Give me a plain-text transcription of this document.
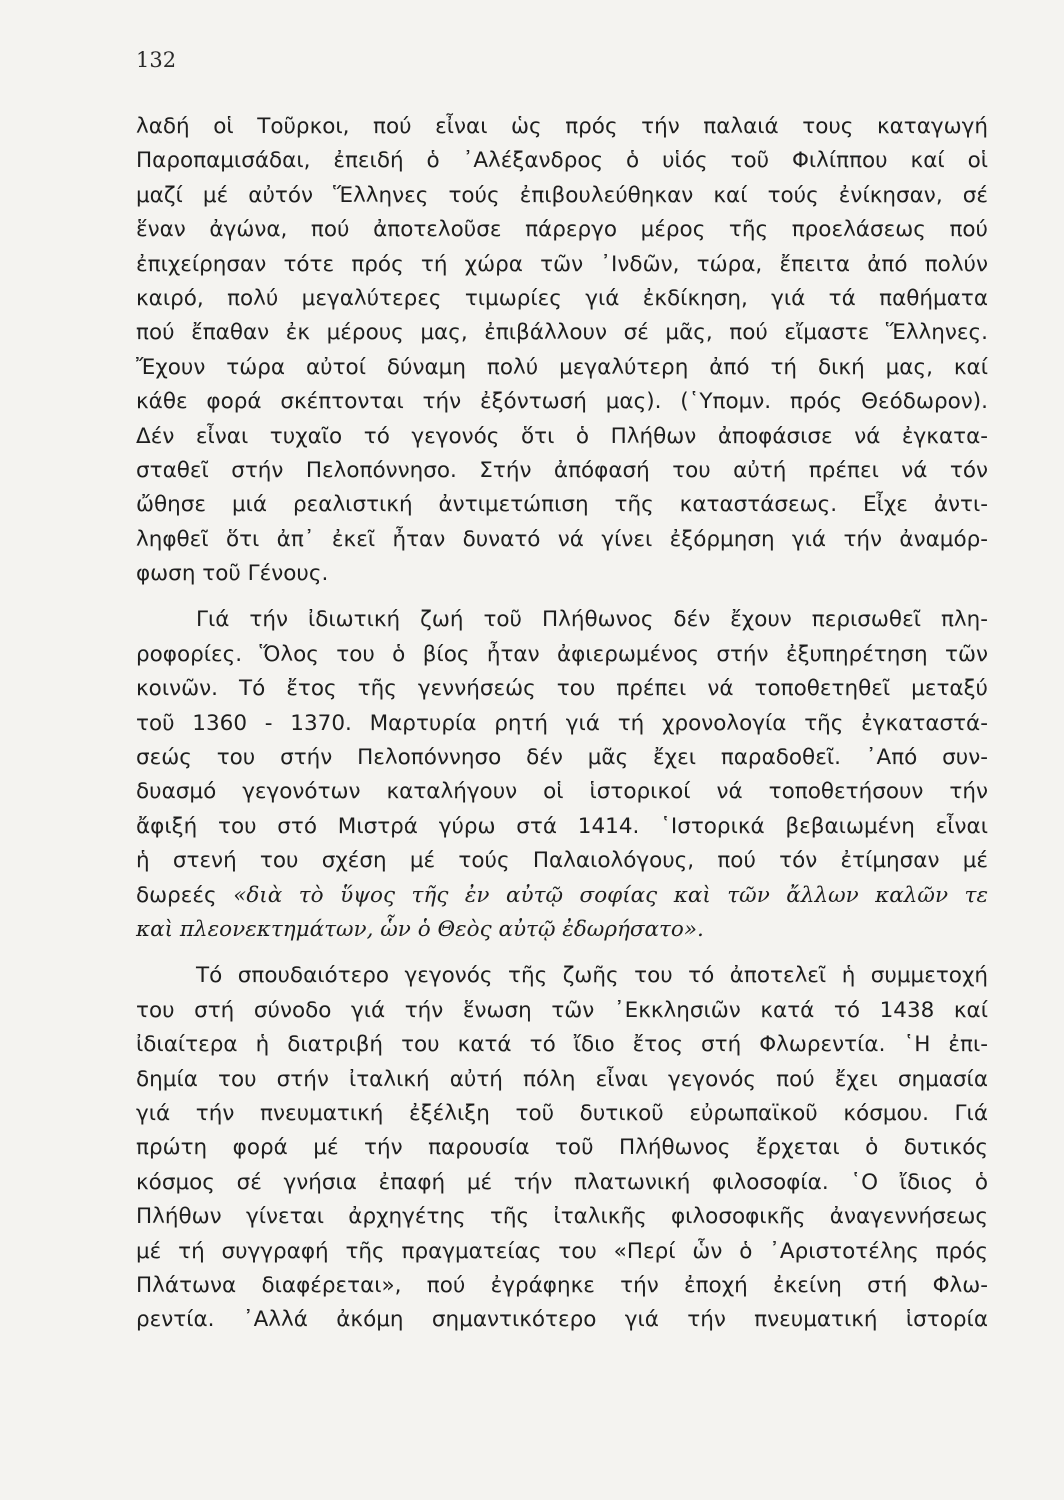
132
λαδή οἱ Τοῦρκοι, πού εἶναι ὡς πρός τήν παλαιά τους καταγωγή
Παροπαμισάδαι, ἐπειδή ὁ ᾿Αλέξανδρος ὁ υἱός τοῦ Φιλίππου καί οἱ
μαζί μέ αὐτόν Ἕλληνες τούς ἐπιβουλεύθηκαν καί τούς ἐνίκησαν, σέ
ἕναν ἀγώνα, πού ἀποτελοῦσε πάρεργο μέρος τῆς προελάσεως πού
ἐπιχείρησαν τότε πρός τή χώρα τῶν ᾿Ινδῶν, τώρα, ἔπειτα ἀπό πολύν
καιρό, πολύ μεγαλύτερες τιμωρίες γιά ἐκδίκηση, γιά τά παθήματα
πού ἔπαθαν ἐκ μέρους μας, ἐπιβάλλουν σέ μᾶς, πού εἴμαστε Ἕλληνες.
Ἔχουν τώρα αὐτοί δύναμη πολύ μεγαλύτερη ἀπό τή δική μας, καί
κάθε φορά σκέπτονται τήν ἐξόντωσή μας). (῾Υπομν. πρός Θεόδωρον).
Δέν εἶναι τυχαῖο τό γεγονός ὅτι ὁ Πλήθων ἀποφάσισε νά ἐγκατα-
σταθεῖ στήν Πελοπόννησο. Στήν ἀπόφασή του αὐτή πρέπει νά τόν
ὤθησε μιά ρεαλιστική ἀντιμετώπιση τῆς καταστάσεως. Εἶχε ἀντι-
ληφθεῖ ὅτι ἀπ᾿ ἐκεῖ ἦταν δυνατό νά γίνει ἐξόρμηση γιά τήν ἀναμόρ-
φωση τοῦ Γένους.
Γιά τήν ἰδιωτική ζωή τοῦ Πλήθωνος δέν ἔχουν περισωθεῖ πλη-
ροφορίες. Ὅλος του ὁ βίος ἦταν ἀφιερωμένος στήν ἐξυπηρέτηση τῶν
κοινῶν. Τό ἔτος τῆς γεννήσεώς του πρέπει νά τοποθετηθεῖ μεταξύ
τοῦ 1360 - 1370. Μαρτυρία ρητή γιά τή χρονολογία τῆς ἐγκαταστά-
σεώς του στήν Πελοπόννησο δέν μᾶς ἔχει παραδοθεῖ. ᾿Από συν-
δυασμό γεγονότων καταλήγουν οἱ ἱστορικοί νά τοποθετήσουν τήν
ἄφιξή του στό Μιστρά γύρω στά 1414. ῾Ιστορικά βεβαιωμένη εἶναι
ἡ στενή του σχέση μέ τούς Παλαιολόγους, πού τόν ἐτίμησαν μέ
δωρεές «διὰ τὸ ὕψος τῆς ἐν αὐτῷ σοφίας καὶ τῶν ἄλλων καλῶν τε
καὶ πλεονεκτημάτων, ὧν ὁ Θεὸς αὐτῷ ἐδωρήσατο».
Τό σπουδαιότερο γεγονός τῆς ζωῆς του τό ἀποτελεῖ ἡ συμμετοχή
του στή σύνοδο γιά τήν ἕνωση τῶν ᾿Εκκλησιῶν κατά τό 1438 καί
ἰδιαίτερα ἡ διατριβή του κατά τό ἴδιο ἔτος στή Φλωρεντία. ῾Η ἐπι-
δημία του στήν ἰταλική αὐτή πόλη εἶναι γεγονός πού ἔχει σημασία
γιά τήν πνευματική ἐξέλιξη τοῦ δυτικοῦ εὐρωπαϊκοῦ κόσμου. Γιά
πρώτη φορά μέ τήν παρουσία τοῦ Πλήθωνος ἔρχεται ὁ δυτικός
κόσμος σέ γνήσια ἐπαφή μέ τήν πλατωνική φιλοσοφία. ῾Ο ἴδιος ὁ
Πλήθων γίνεται ἀρχηγέτης τῆς ἰταλικῆς φιλοσοφικῆς ἀναγεννήσεως
μέ τή συγγραφή τῆς πραγματείας του «Περί ὧν ὁ ᾿Αριστοτέλης πρός
Πλάτωνα διαφέρεται», πού ἐγράφηκε τήν ἐποχή ἐκείνη στή Φλω-
ρεντία. ᾿Αλλά ἀκόμη σημαντικότερο γιά τήν πνευματική ἱστορία
